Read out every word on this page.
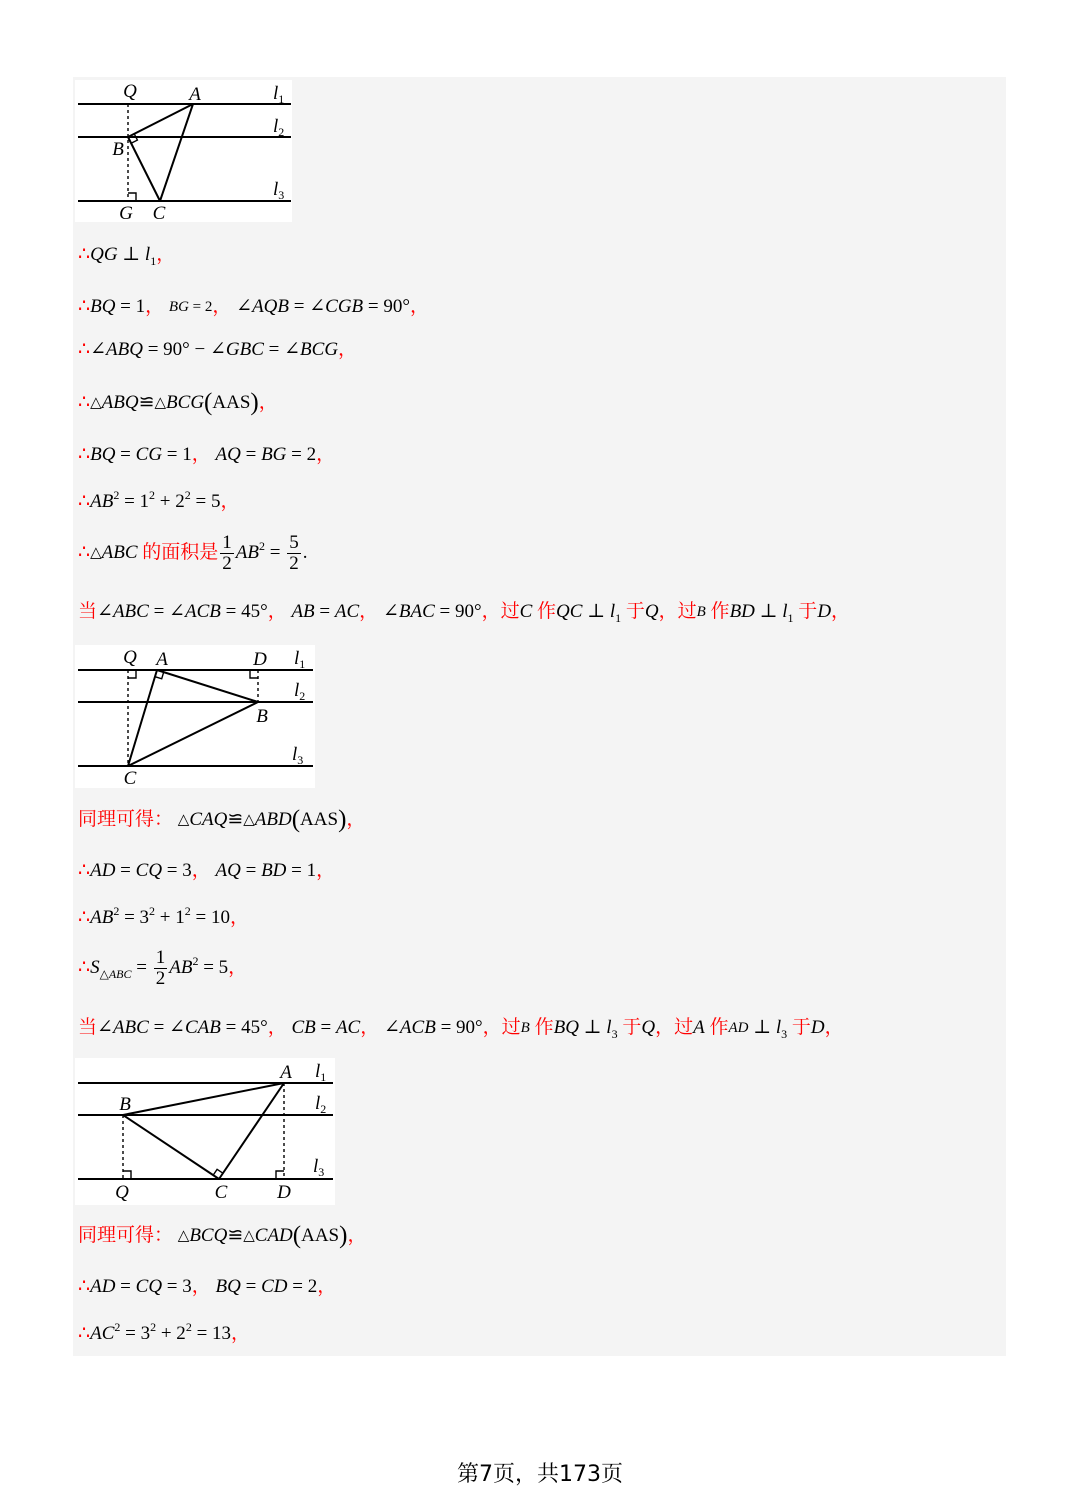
Q	A
B
G C
$l_1$
$l_2$
$l_3$
Q A	D
B
C
$l_1$
$l_2$
$l_3$
A
B
Q	C	D
$l_1$
$l_2$
$l_3$
∴ QG ⊥ l 1 ，
∴ BQ = 1 ， BG = 2 ， ∠ AQB = ∠ CGB = 90° ，
∴ ∠ ABQ = 90° − ∠ GBC = ∠ BCG ，
∴ △ ABQ ≌ △ BCG ( AAS ) ，
∴ BQ = CG = 1 ， AQ = BG = 2 ，
∴ AB 2 = 1 2 + 2 2 = 5 ，
∴ △ ABC 的面积是 $\frac{1}{2}$ AB $2 = \frac{5}{2}$ .
当 ∠ ABC = ∠ ACB = 45° ， AB = AC ， ∠ BAC = 90° ，过 C 作 QC ⊥ l 1 于 Q ，过 B 作 BD ⊥ l 1 于 D ，
同理可得： △ CAQ ≌ △ ABD ( AAS ) ，
∴ AD = CQ = 3 ， AQ = BD = 1 ，
∴ AB 2 = 3 2 + 1 2 = 10 ，
∴ S △ ABC = $\frac{1}{2}$ AB 2 = 5 ，
当 ∠ ABC = ∠ CAB = 45° ， CB = AC ， ∠ ACB = 90° ，过 B 作 BQ ⊥ l 3 于 Q ，过 A 作 AD ⊥ l 3 于 D ，
同理可得： △ BCQ ≌ △ CAD ( AAS ) ，
∴ AD = CQ = 3 ， BQ = CD = 2 ，
∴ AC 2 = 3 2 + 2 2 = 13 ，
第7页，共173页
